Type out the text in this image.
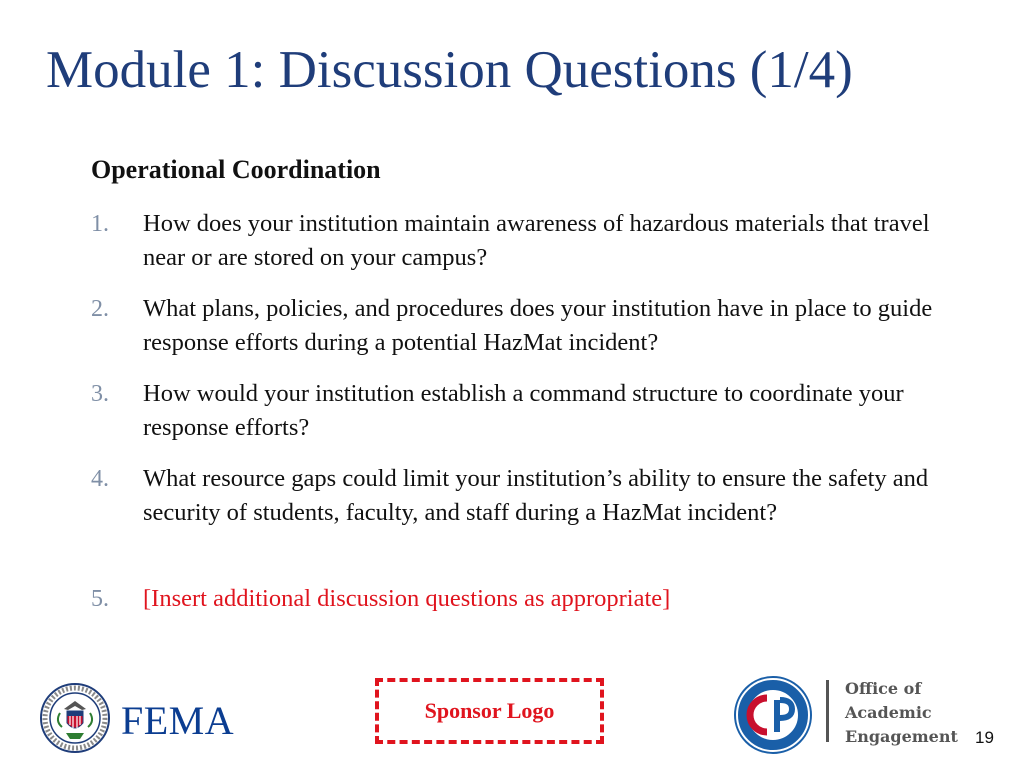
Module 1: Discussion Questions (1/4)
Operational Coordination
1. How does your institution maintain awareness of hazardous materials that travel near or are stored on your campus?
2. What plans, policies, and procedures does your institution have in place to guide response efforts during a potential HazMat incident?
3. How would your institution establish a command structure to coordinate your response efforts?
4. What resource gaps could limit your institution’s ability to ensure the safety and security of students, faculty, and staff during a HazMat incident?
5. [Insert additional discussion questions as appropriate]
FEMA	Sponsor Logo
Office of
Academic
Engagement 19
